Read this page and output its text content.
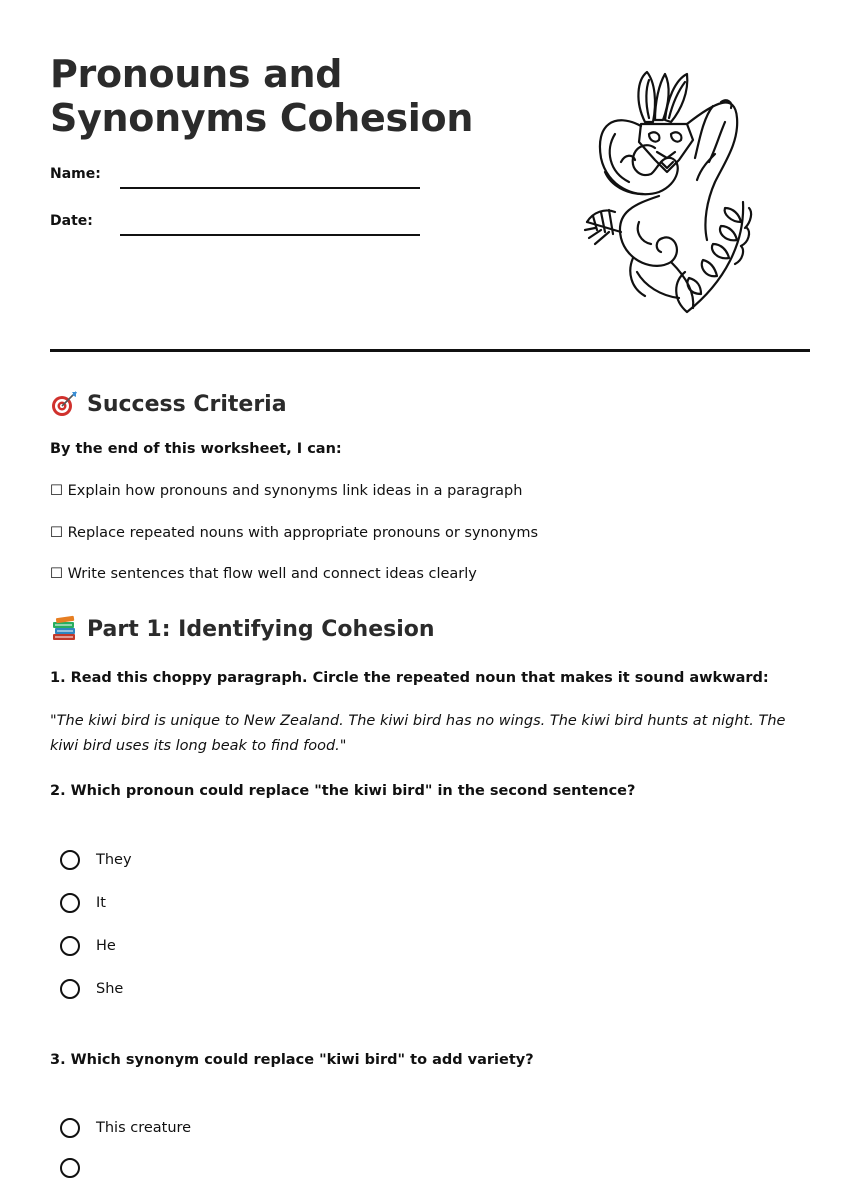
Pronouns and
Synonyms Cohesion
Name:
Date:
Success Criteria

By the end of this worksheet, I can:

☐ Explain how pronouns and synonyms link ideas in a paragraph

☐ Replace repeated nouns with appropriate pronouns or synonyms

☐ Write sentences that flow well and connect ideas clearly

Part 1: Identifying Cohesion

1. Read this choppy paragraph. Circle the repeated noun that makes it sound awkward:

"The kiwi bird is unique to New Zealand. The kiwi bird has no wings. The kiwi bird hunts at night. The kiwi bird uses its long beak to find food."

2. Which pronoun could replace "the kiwi bird" in the second sentence?

They
It
He
She

3. Which synonym could replace "kiwi bird" to add variety?

This creature
